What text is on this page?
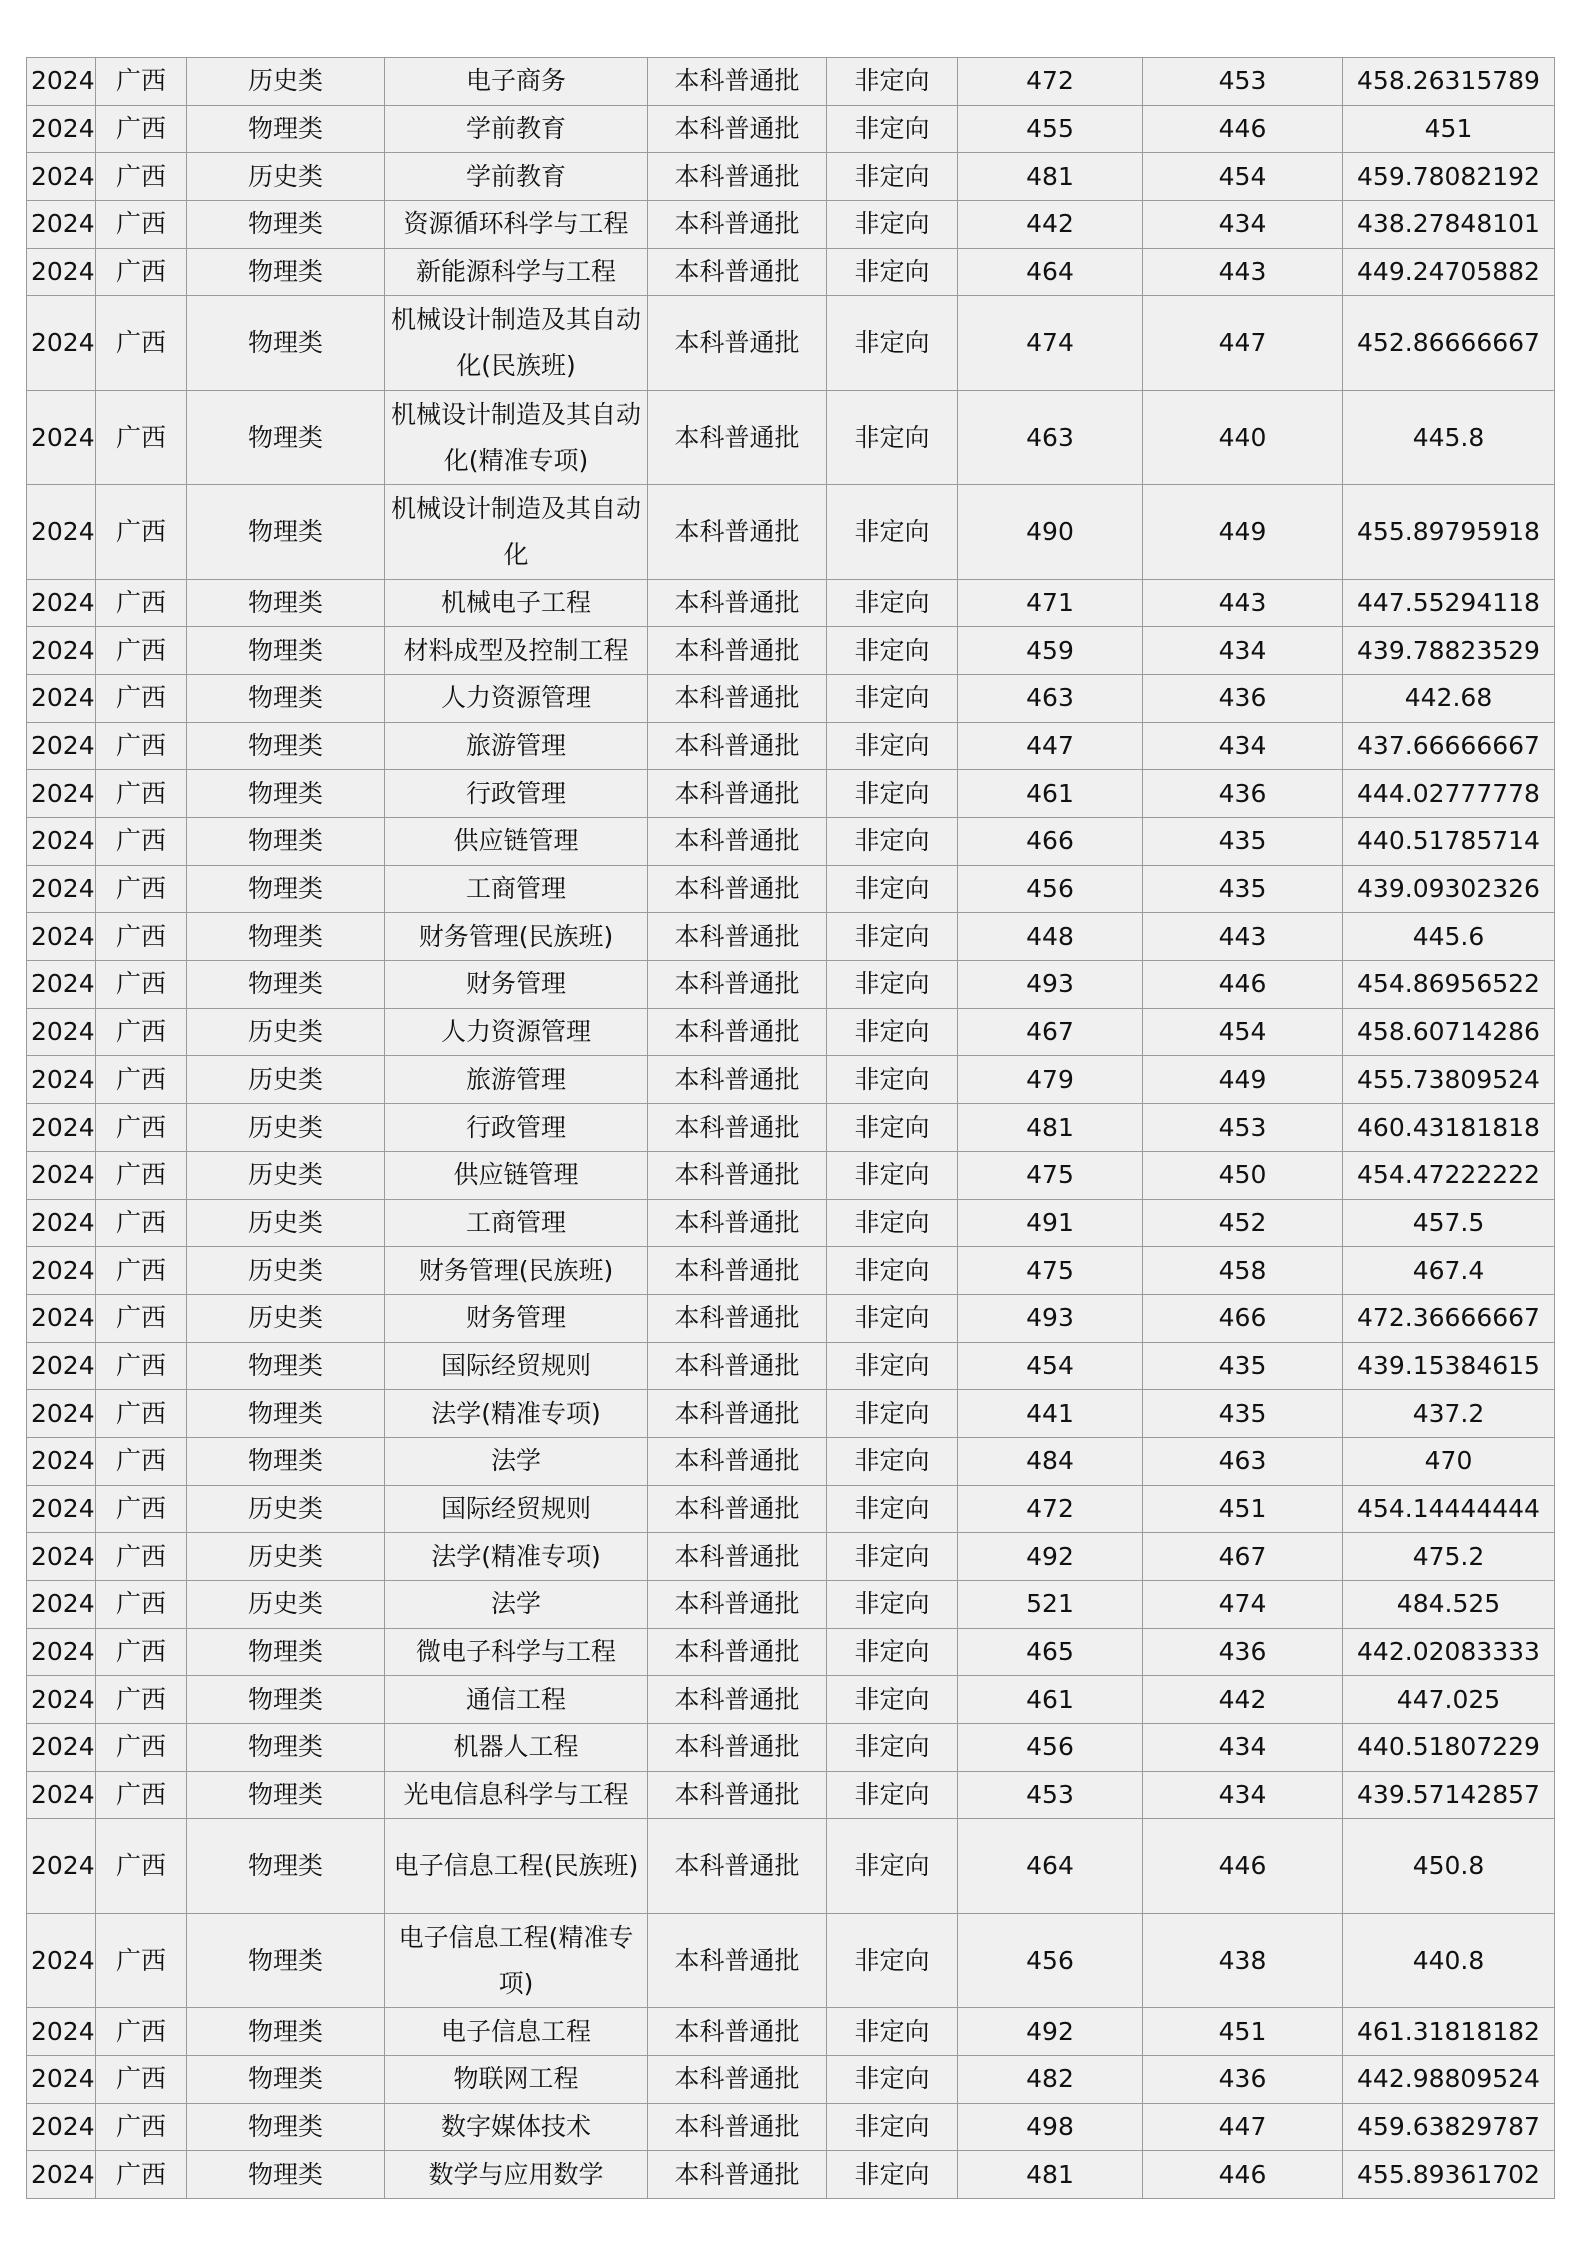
2024	广西	历史类	电子商务	本科普通批	非定向	472	453	458.26315789
2024	广西	物理类	学前教育	本科普通批	非定向	455	446	451
2024	广西	历史类	学前教育	本科普通批	非定向	481	454	459.78082192
2024	广西	物理类	资源循环科学与工程	本科普通批	非定向	442	434	438.27848101
2024	广西	物理类	新能源科学与工程	本科普通批	非定向	464	443	449.24705882
2024	广西	物理类	机械设计制造及其自动化(民族班)	本科普通批	非定向	474	447	452.86666667
2024	广西	物理类	机械设计制造及其自动化(精准专项)	本科普通批	非定向	463	440	445.8
2024	广西	物理类	机械设计制造及其自动化	本科普通批	非定向	490	449	455.89795918
2024	广西	物理类	机械电子工程	本科普通批	非定向	471	443	447.55294118
2024	广西	物理类	材料成型及控制工程	本科普通批	非定向	459	434	439.78823529
2024	广西	物理类	人力资源管理	本科普通批	非定向	463	436	442.68
2024	广西	物理类	旅游管理	本科普通批	非定向	447	434	437.66666667
2024	广西	物理类	行政管理	本科普通批	非定向	461	436	444.02777778
2024	广西	物理类	供应链管理	本科普通批	非定向	466	435	440.51785714
2024	广西	物理类	工商管理	本科普通批	非定向	456	435	439.09302326
2024	广西	物理类	财务管理(民族班)	本科普通批	非定向	448	443	445.6
2024	广西	物理类	财务管理	本科普通批	非定向	493	446	454.86956522
2024	广西	历史类	人力资源管理	本科普通批	非定向	467	454	458.60714286
2024	广西	历史类	旅游管理	本科普通批	非定向	479	449	455.73809524
2024	广西	历史类	行政管理	本科普通批	非定向	481	453	460.43181818
2024	广西	历史类	供应链管理	本科普通批	非定向	475	450	454.47222222
2024	广西	历史类	工商管理	本科普通批	非定向	491	452	457.5
2024	广西	历史类	财务管理(民族班)	本科普通批	非定向	475	458	467.4
2024	广西	历史类	财务管理	本科普通批	非定向	493	466	472.36666667
2024	广西	物理类	国际经贸规则	本科普通批	非定向	454	435	439.15384615
2024	广西	物理类	法学(精准专项)	本科普通批	非定向	441	435	437.2
2024	广西	物理类	法学	本科普通批	非定向	484	463	470
2024	广西	历史类	国际经贸规则	本科普通批	非定向	472	451	454.14444444
2024	广西	历史类	法学(精准专项)	本科普通批	非定向	492	467	475.2
2024	广西	历史类	法学	本科普通批	非定向	521	474	484.525
2024	广西	物理类	微电子科学与工程	本科普通批	非定向	465	436	442.02083333
2024	广西	物理类	通信工程	本科普通批	非定向	461	442	447.025
2024	广西	物理类	机器人工程	本科普通批	非定向	456	434	440.51807229
2024	广西	物理类	光电信息科学与工程	本科普通批	非定向	453	434	439.57142857
2024	广西	物理类	电子信息工程(民族班)	本科普通批	非定向	464	446	450.8
2024	广西	物理类	电子信息工程(精准专项)	本科普通批	非定向	456	438	440.8
2024	广西	物理类	电子信息工程	本科普通批	非定向	492	451	461.31818182
2024	广西	物理类	物联网工程	本科普通批	非定向	482	436	442.98809524
2024	广西	物理类	数字媒体技术	本科普通批	非定向	498	447	459.63829787
2024	广西	物理类	数学与应用数学	本科普通批	非定向	481	446	455.89361702
